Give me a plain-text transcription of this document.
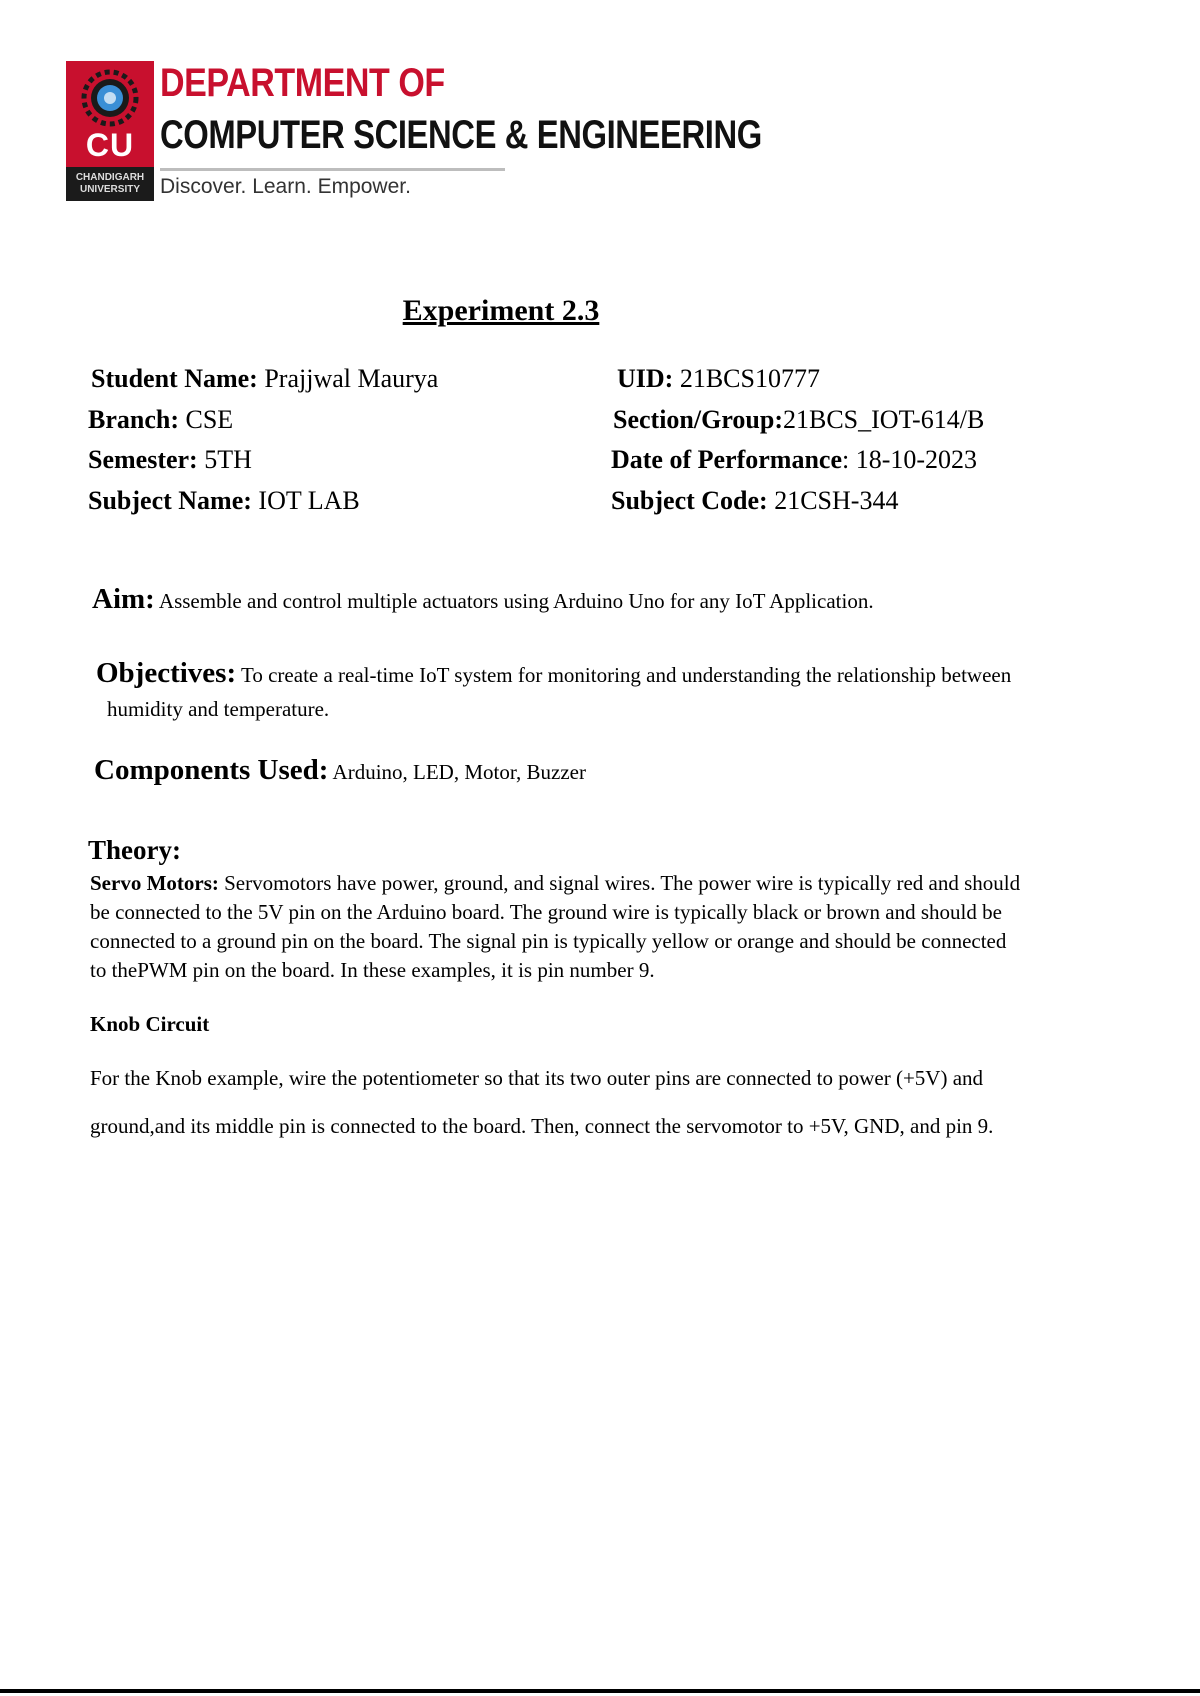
CU
CHANDIGARH
UNIVERSITY
DEPARTMENT OF
COMPUTER SCIENCE & ENGINEERING
Discover. Learn. Empower.
Experiment 2.3
Student Name: Prajjwal Maurya	UID: 21BCS10777
Branch: CSE	Section/Group:21BCS_IOT-614/B
Semester: 5TH	Date of Performance: 18-10-2023
Subject Name: IOT LAB	Subject Code: 21CSH-344
Aim: Assemble and control multiple actuators using Arduino Uno for any IoT Application.
Objectives: To create a real-time IoT system for monitoring and understanding the relationship between
humidity and temperature.
Components Used: Arduino, LED, Motor, Buzzer
Theory:
Servo Motors: Servomotors have power, ground, and signal wires. The power wire is typically red and should
be connected to the 5V pin on the Arduino board. The ground wire is typically black or brown and should be
connected to a ground pin on the board. The signal pin is typically yellow or orange and should be connected
to thePWM pin on the board. In these examples, it is pin number 9.
Knob Circuit
For the Knob example, wire the potentiometer so that its two outer pins are connected to power (+5V) and
ground,and its middle pin is connected to the board. Then, connect the servomotor to +5V, GND, and pin 9.
